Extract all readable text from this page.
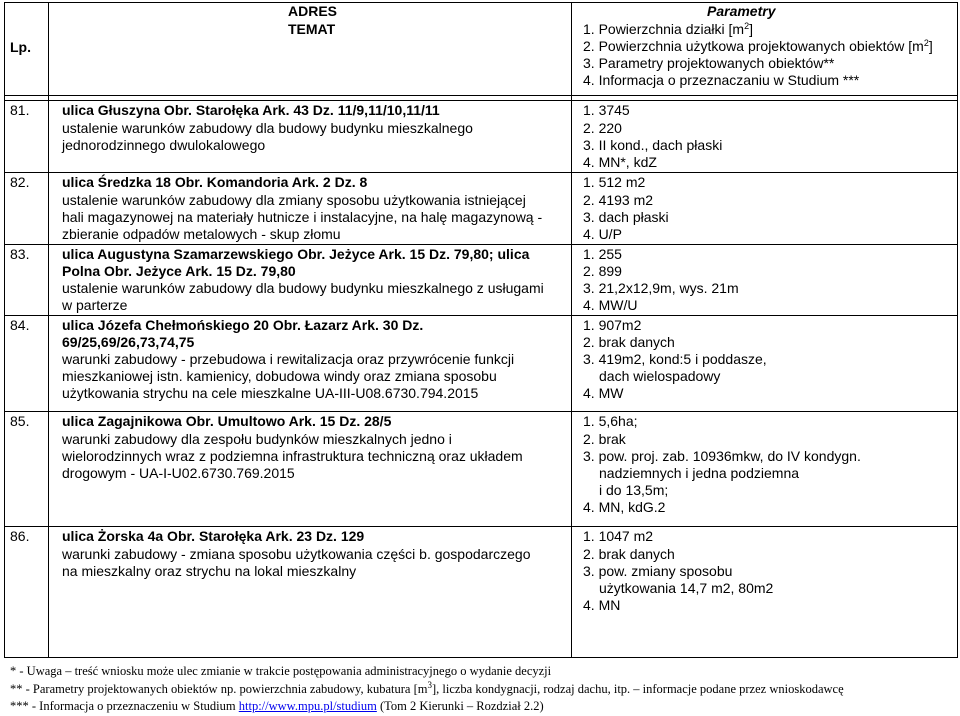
Lp.
ADRES
TEMAT
Parametry
1. Powierzchnia działki $[m^2]$
2. Powierzchnia użytkowa projektowanych obiektów $[m^2]$
3. Parametry projektowanych obiektów**
4. Informacja o przeznaczaniu w Studium ***
81. ulica Głuszyna Obr. Starołęka Ark. 43 Dz. 11/9,11/10,11/11
ustalenie warunków zabudowy dla budowy budynku mieszkalnego
jednorodzinnego dwulokalowego
1. 3745
2. 220
3. II kond., dach płaski
4. MN*, kdZ
82. ulica Średzka 18 Obr. Komandoria Ark. 2 Dz. 8
ustalenie warunków zabudowy dla zmiany sposobu użytkowania istniejącej
hali magazynowej na materiały hutnicze i instalacyjne, na halę magazynową -
zbieranie odpadów metalowych - skup złomu
1. 512 m2
2. 4193 m2
3. dach płaski
4. U/P
83. ulica Augustyna Szamarzewskiego Obr. Jeżyce Ark. 15 Dz. 79,80; ulica
Polna Obr. Jeżyce Ark. 15 Dz. 79,80
ustalenie warunków zabudowy dla budowy budynku mieszkalnego z usługami
w parterze
1. 255
2. 899
3. 21,2x12,9m, wys. 21m
4. MW/U
84. ulica Józefa Chełmońskiego 20 Obr. Łazarz Ark. 30 Dz.
69/25,69/26,73,74,75
warunki zabudowy - przebudowa i rewitalizacja oraz przywrócenie funkcji
mieszkaniowej istn. kamienicy, dobudowa windy oraz zmiana sposobu
użytkowania strychu na cele mieszkalne UA-III-U08.6730.794.2015
1. 907m2
2. brak danych
3. 419m2, kond:5 i poddasze,
dach wielospadowy
4. MW
85. ulica Zagajnikowa Obr. Umultowo Ark. 15 Dz. 28/5
warunki zabudowy dla zespołu budynków mieszkalnych jedno i
wielorodzinnych wraz z podziemna infrastruktura techniczną oraz układem
drogowym - UA-I-U02.6730.769.2015
1. 5,6ha;
2. brak
3. pow. proj. zab. 10936mkw, do IV kondygn.
nadziemnych i jedna podziemna
i do 13,5m;
4. MN, kdG.2
86. ulica Żorska 4a Obr. Starołęka Ark. 23 Dz. 129
warunki zabudowy - zmiana sposobu użytkowania części b. gospodarczego
na mieszkalny oraz strychu na lokal mieszkalny
1. 1047 m2
2. brak danych
3. pow. zmiany sposobu
użytkowania 14,7 m2, 80m2
4. MN
* - Uwaga – treść wniosku może ulec zmianie w trakcie postępowania administracyjnego o wydanie decyzji
** - Parametry projektowanych obiektów np. powierzchnia zabudowy, kubatura $[m^3]$, liczba kondygnacji, rodzaj dachu, itp. – informacje podane przez wnioskodawcę
*** - Informacja o przeznaczeniu w Studium http://www.mpu.pl/studium (Tom 2 Kierunki – Rozdział 2.2)
